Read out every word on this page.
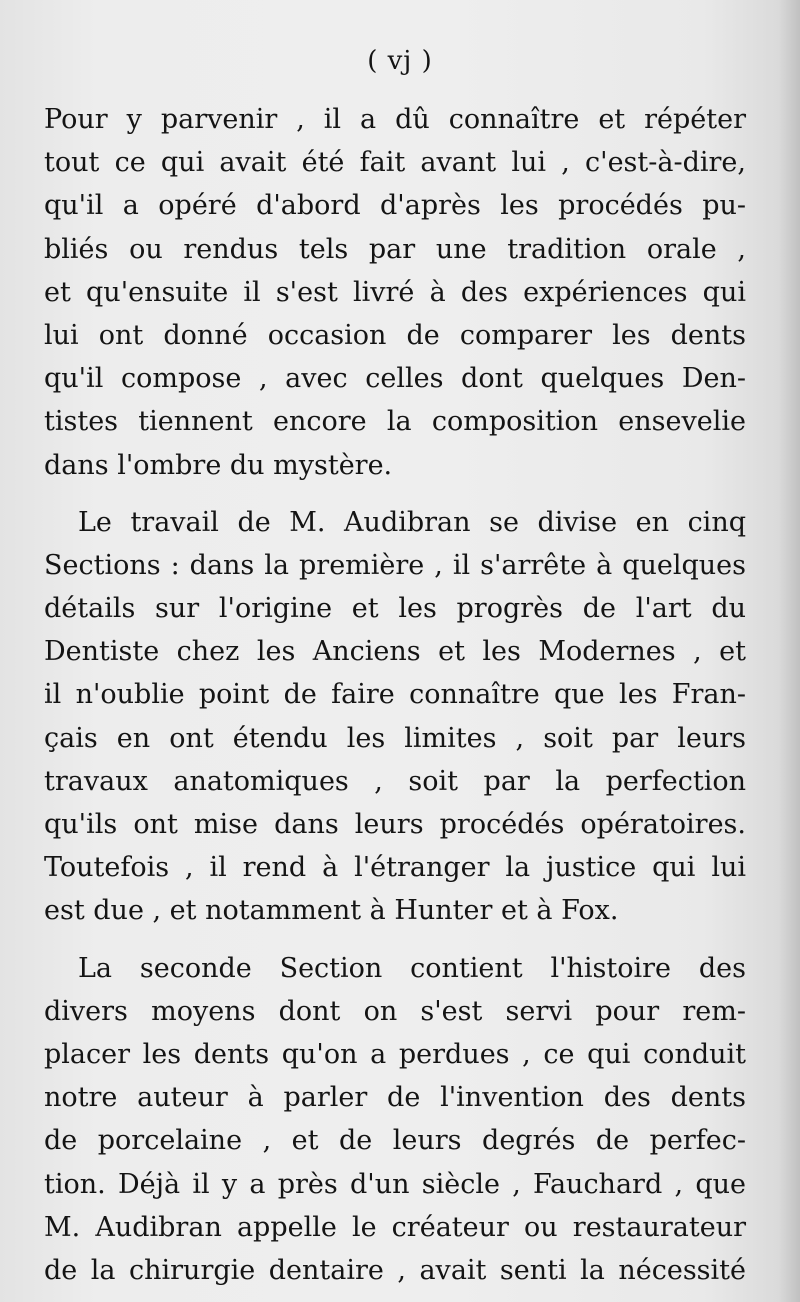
( vj )
Pour y parvenir , il a dû connaître et répéter
tout ce qui avait été fait avant lui , c'est-à-dire,
qu'il a opéré d'abord d'après les procédés pu-
bliés ou rendus tels par une tradition orale ,
et qu'ensuite il s'est livré à des expériences qui
lui ont donné occasion de comparer les dents
qu'il compose , avec celles dont quelques Den-
tistes tiennent encore la composition ensevelie
dans l'ombre du mystère.
Le travail de M. Audibran se divise en cinq
Sections : dans la première , il s'arrête à quelques
détails sur l'origine et les progrès de l'art du
Dentiste chez les Anciens et les Modernes , et
il n'oublie point de faire connaître que les Fran-
çais en ont étendu les limites , soit par leurs
travaux anatomiques , soit par la perfection
qu'ils ont mise dans leurs procédés opératoires.
Toutefois , il rend à l'étranger la justice qui lui
est due , et notamment à Hunter et à Fox.
La seconde Section contient l'histoire des
divers moyens dont on s'est servi pour rem-
placer les dents qu'on a perdues , ce qui conduit
notre auteur à parler de l'invention des dents
de porcelaine , et de leurs degrés de perfec-
tion. Déjà il y a près d'un siècle , Fauchard , que
M. Audibran appelle le créateur ou restaurateur
de la chirurgie dentaire , avait senti la nécessité
